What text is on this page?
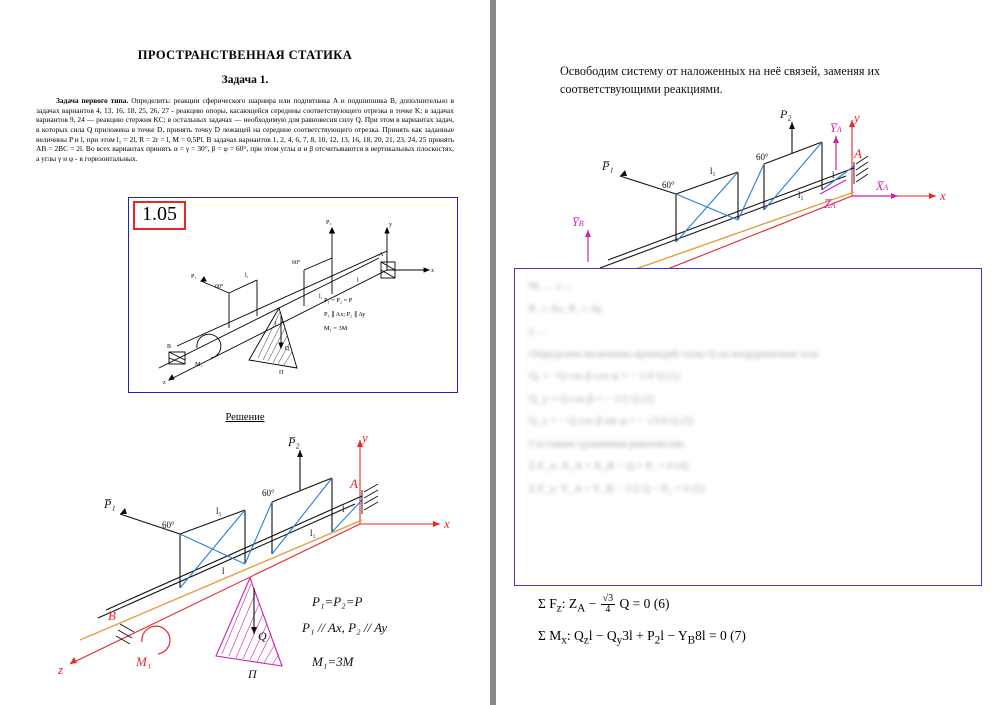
ПРОСТРАНСТВЕННАЯ СТАТИКА
Задача 1.
Задача первого типа. Определить: реакции сферического шарнира или подпятника A и подшипника B, дополнительно в задачах вариантов 4, 13, 16, 18, 25, 26, 27 - реакцию опоры, касающейся середины соответствующего отрезка в точке K; в задачах вариантов 9, 24 — реакцию стержня KC; в остальных задачах — необходимую для равновесия силу Q. При этом в вариантах задач, в которых сила Q приложена в точке D, принять точку D лежащей на середине соответствующего отрезка. Принять как заданные величины P и l, при этом l₁ = 2l, R = 2r = l, M = 0,5Pl. В задачах вариантов 1, 2, 4, 6, 7, 8, 10, 12, 13, 16, 18, 20, 21, 23, 24, 25 принять AB = 2BC = 2l. Во всех вариантах принять α = γ = 30°, β = φ = 60°, при этом углы α и β отсчитываются в вертикальных плоскостях, а углы γ и φ - в горизонтальных.
1.05
60°
l₁
60°
P₂
A
P₁
x
y
z
l
l₁
l
B
M₁
Q
П
P₁ = P₂ = P
P₁ ∥ Ax; P₂ ∥ Ay
M₁ = 3M
Решение
60°
l₁
60°
l
l₁
l
P̅₂
P̅₁
Q
П
y
x
z
B
M₁
A
P₁=P₂=P
P₁ // Ax, P₂ // Ay
M₁=3M
Освободим систему от наложенных на неё связей, заменяя их соответствующими реакциями.
60°
l₁
60°
l₁
l
P̅₂
P̅₁
Y̅A
X̅A
Z̅A
Y̅B
y
x
A
M₁ ... z ...
P₁ // Ax, P₂ // Ay
y ...
Определим величины проекций силы Q на координатные оси:
Qₓ = −Q cos β cos φ = − 1/4 Q (1)
Q_y = Q cos β = − 1/2 Q (2)
Q_z = − Q cos β sin φ = − √3/4 Q (3)
Составим уравнения равновесия:
Σ F_x: X_A + X_B − Q + P₁ = 0 (4)
Σ F_y: Y_A + Y_B − 1/2 Q − P₂ = 0 (5)
Σ $F_z$: $Z_A - \frac{√3}{4}$ Q = 0 (6)
Σ $M_x$: $Q_zl - Q_y3l + P_2l - Y_B8l = 0$ (7)
